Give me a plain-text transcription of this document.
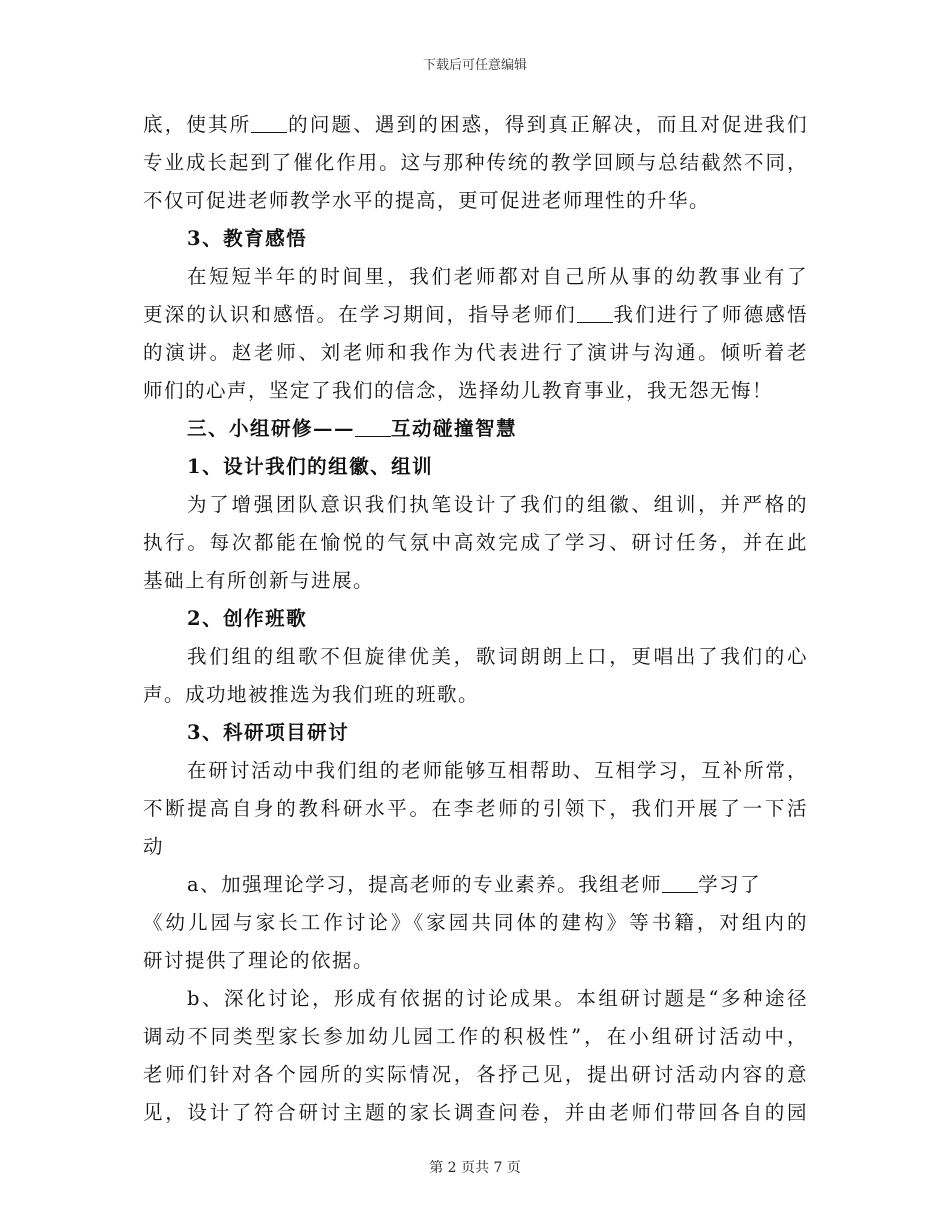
下载后可任意编辑
底，使其所 的问题、遇到的困惑，得到真正解决，而且对促进我们
专业成长起到了催化作用。这与那种传统的教学回顾与总结截然不同，
不仅可促进老师教学水平的提高，更可促进老师理性的升华。
3、教育感悟
在短短半年的时间里，我们老师都对自己所从事的幼教事业有了
更深的认识和感悟。在学习期间，指导老师们 我们进行了师德感悟
的演讲。赵老师、刘老师和我作为代表进行了演讲与沟通。倾听着老
师们的心声，坚定了我们的信念，选择幼儿教育事业，我无怨无悔！
三、小组研修—— 互动碰撞智慧
1、设计我们的组徽、组训
为了增强团队意识我们执笔设计了我们的组徽、组训，并严格的
执行。每次都能在愉悦的气氛中高效完成了学习、研讨任务，并在此
基础上有所创新与进展。
2、创作班歌
我们组的组歌不但旋律优美，歌词朗朗上口，更唱出了我们的心
声。成功地被推选为我们班的班歌。
3、科研项目研讨
在研讨活动中我们组的老师能够互相帮助、互相学习，互补所常，
不断提高自身的教科研水平。在李老师的引领下，我们开展了一下活
动
a、加强理论学习，提高老师的专业素养。我组老师 学习了
《幼儿园与家长工作讨论》《家园共同体的建构》等书籍，对组内的
研讨提供了理论的依据。
b、深化讨论，形成有依据的讨论成果。本组研讨题是“多种途径
调动不同类型家长参加幼儿园工作的积极性”，在小组研讨活动中，
老师们针对各个园所的实际情况，各抒己见，提出研讨活动内容的意
见，设计了符合研讨主题的家长调查问卷，并由老师们带回各自的园
第 2 页共 7 页
